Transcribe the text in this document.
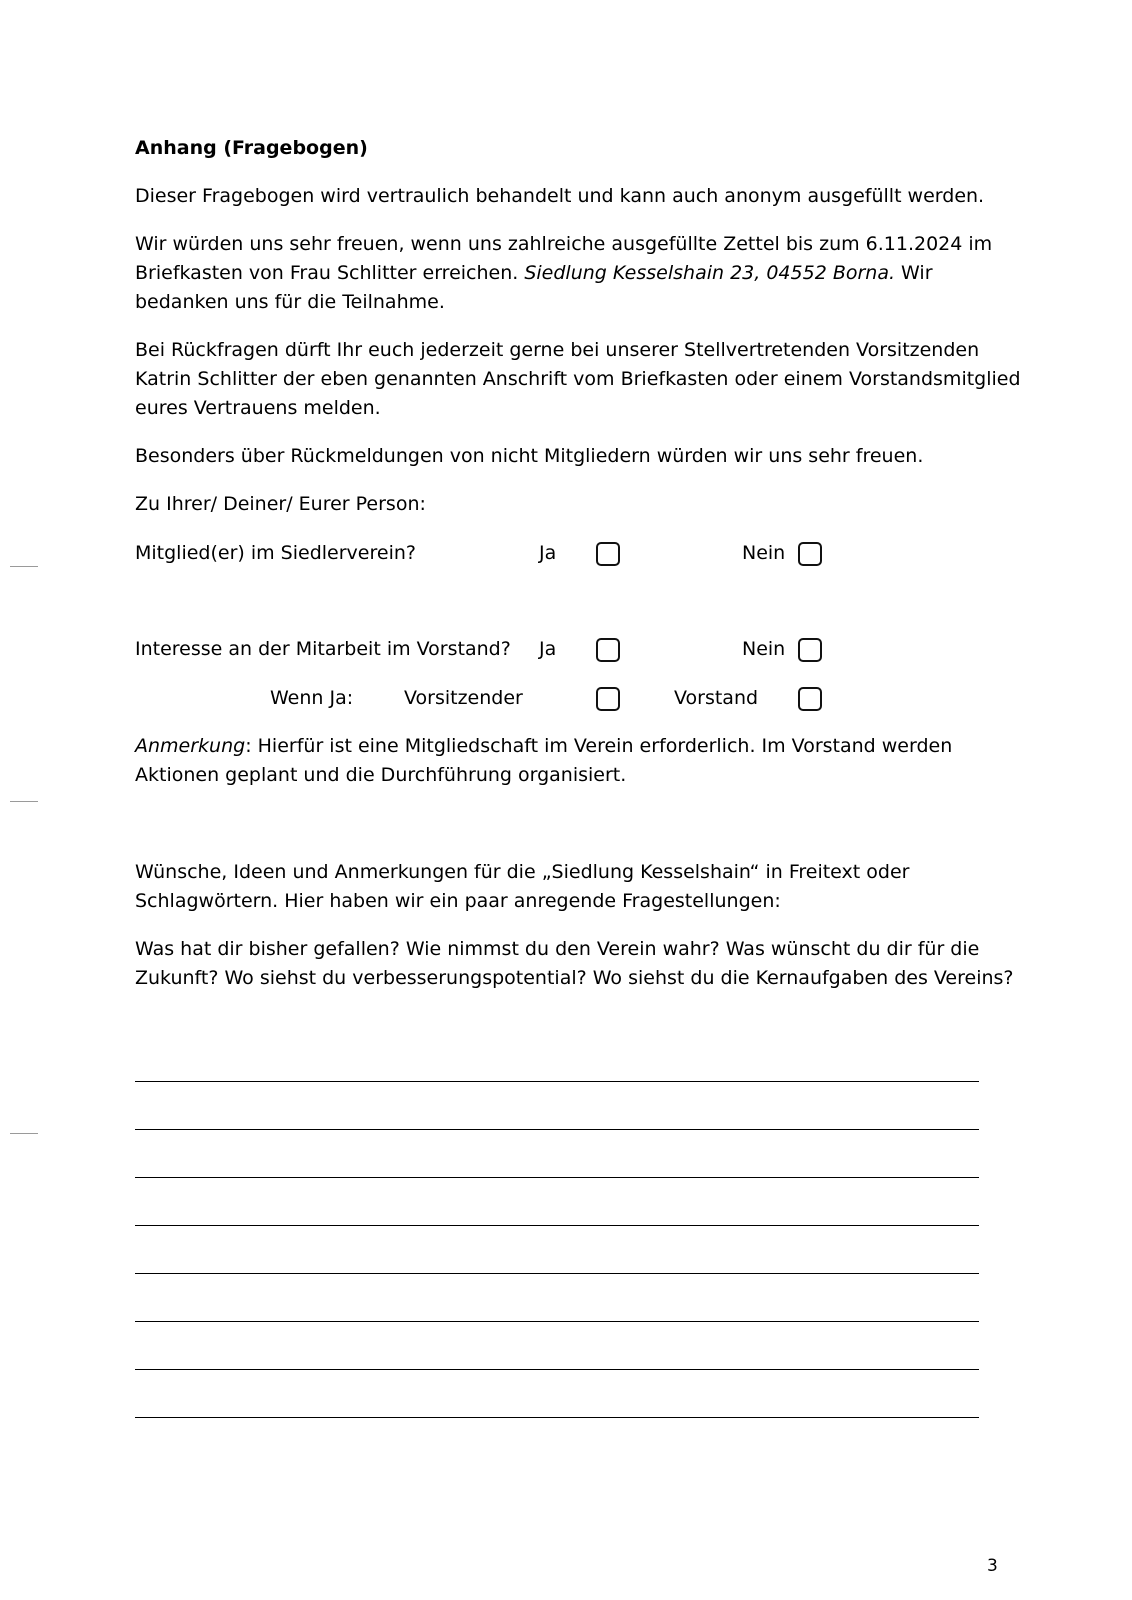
Anhang (Fragebogen)
Dieser Fragebogen wird vertraulich behandelt und kann auch anonym ausgefüllt werden.
Wir würden uns sehr freuen, wenn uns zahlreiche ausgefüllte Zettel bis zum 6.11.2024 im
Briefkasten von Frau Schlitter erreichen. Siedlung Kesselshain 23, 04552 Borna. Wir
bedanken uns für die Teilnahme.
Bei Rückfragen dürft Ihr euch jederzeit gerne bei unserer Stellvertretenden Vorsitzenden
Katrin Schlitter der eben genannten Anschrift vom Briefkasten oder einem Vorstandsmitglied
eures Vertrauens melden.
Besonders über Rückmeldungen von nicht Mitgliedern würden wir uns sehr freuen.
Zu Ihrer/ Deiner/ Eurer Person:
Mitglied(er) im Siedlerverein?	Ja	Nein
Interesse an der Mitarbeit im Vorstand? Ja	Nein
Wenn Ja:	Vorsitzender	Vorstand
Anmerkung: Hierfür ist eine Mitgliedschaft im Verein erforderlich. Im Vorstand werden
Aktionen geplant und die Durchführung organisiert.
Wünsche, Ideen und Anmerkungen für die „Siedlung Kesselshain“ in Freitext oder
Schlagwörtern. Hier haben wir ein paar anregende Fragestellungen:
Was hat dir bisher gefallen? Wie nimmst du den Verein wahr? Was wünscht du dir für die
Zukunft? Wo siehst du verbesserungspotential? Wo siehst du die Kernaufgaben des Vereins?
3
